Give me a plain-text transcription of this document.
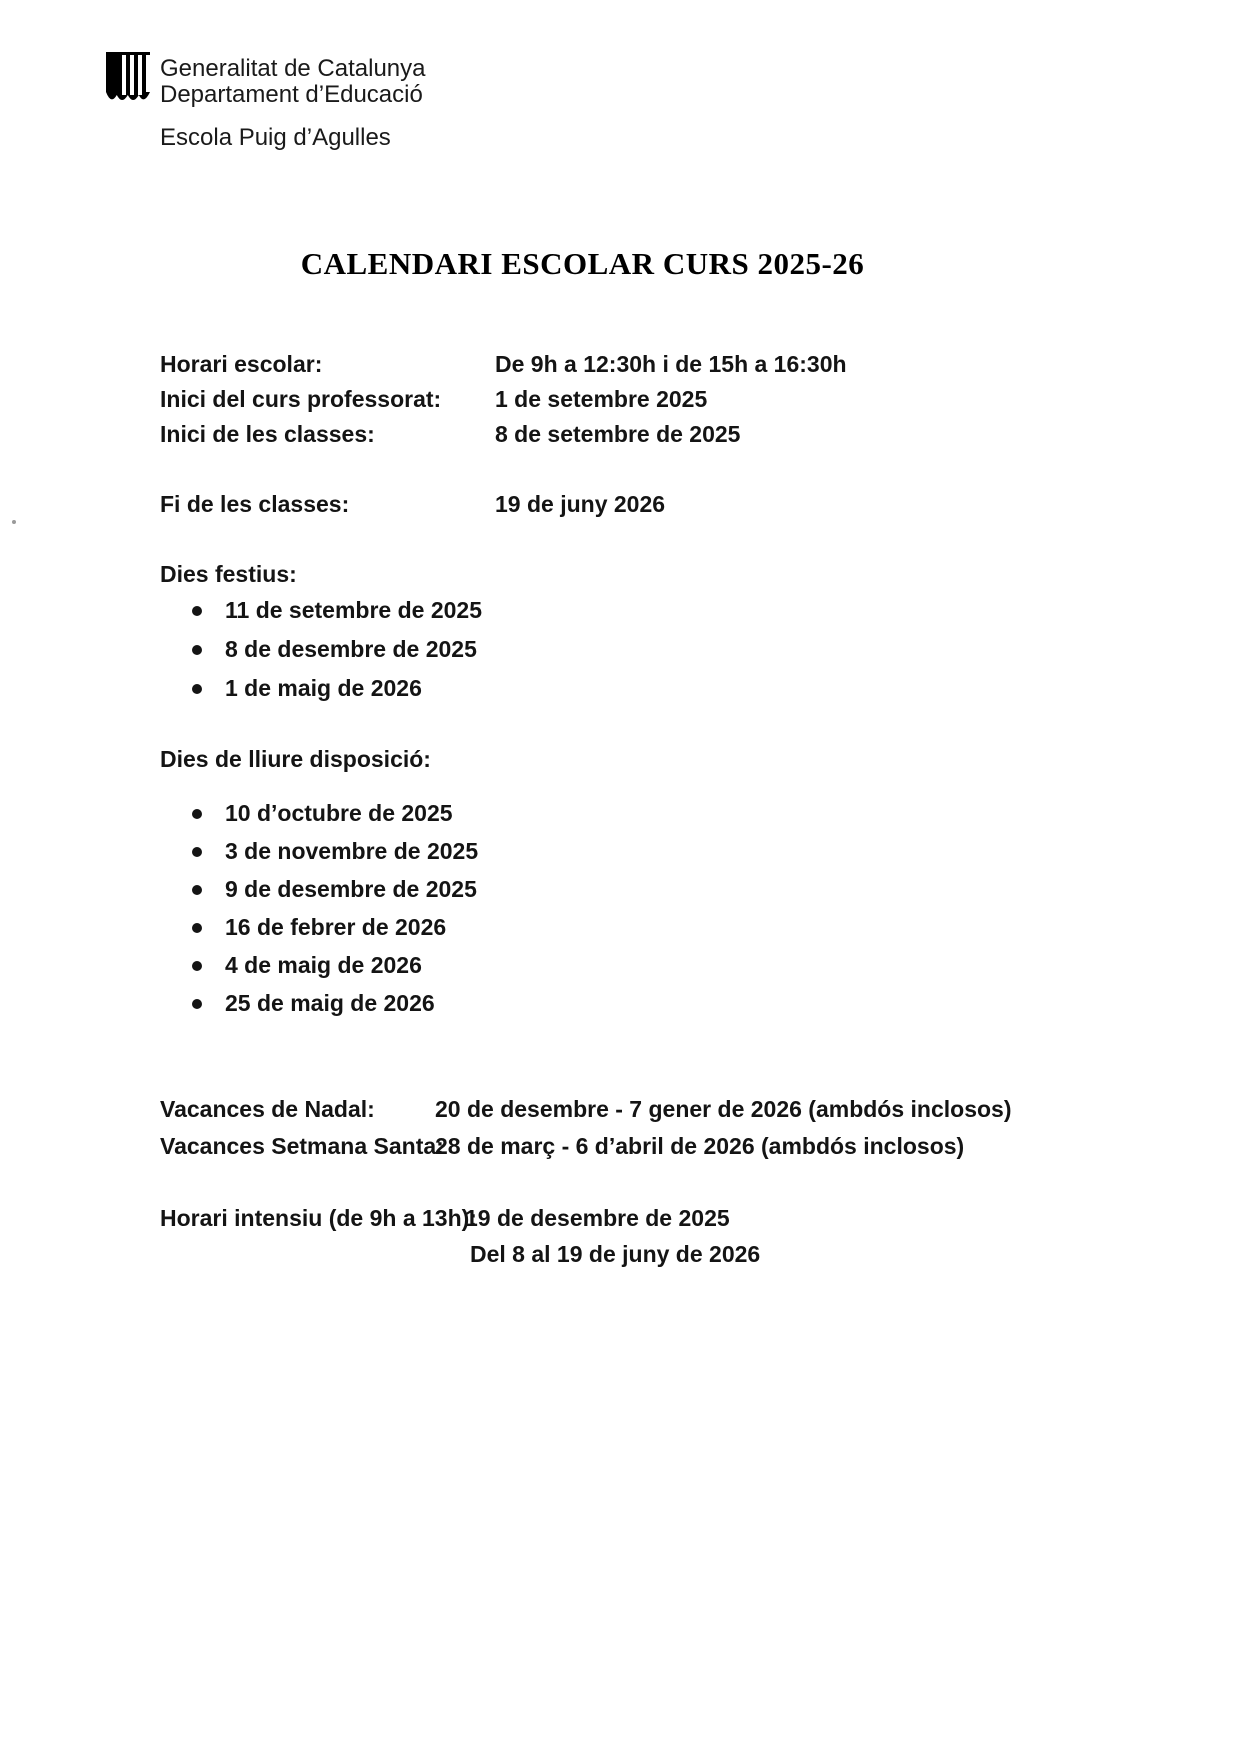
Generalitat de Catalunya
Departament d’Educació
Escola Puig d’Agulles
CALENDARI ESCOLAR CURS 2025-26
Horari escolar:	De 9h a 12:30h i de 15h a 16:30h
Inici del curs professorat: 1 de setembre 2025
Inici de les classes:	8 de setembre de 2025
Fi de les classes:	19 de juny 2026
Dies festius:
11 de setembre de 2025
8 de desembre de 2025
1 de maig de 2026
Dies de lliure disposició:
10 d’octubre de 2025
3 de novembre de 2025
9 de desembre de 2025
16 de febrer de 2026
4 de maig de 2026
25 de maig de 2026
Vacances de Nadal:	20 de desembre - 7 gener de 2026 (ambdós inclosos)
Vacances Setmana Santa:28 de març - 6 d’abril de 2026 (ambdós inclosos)
Horari intensiu (de 9h a 13h):19 de desembre de 2025
Del 8 al 19 de juny de 2026
